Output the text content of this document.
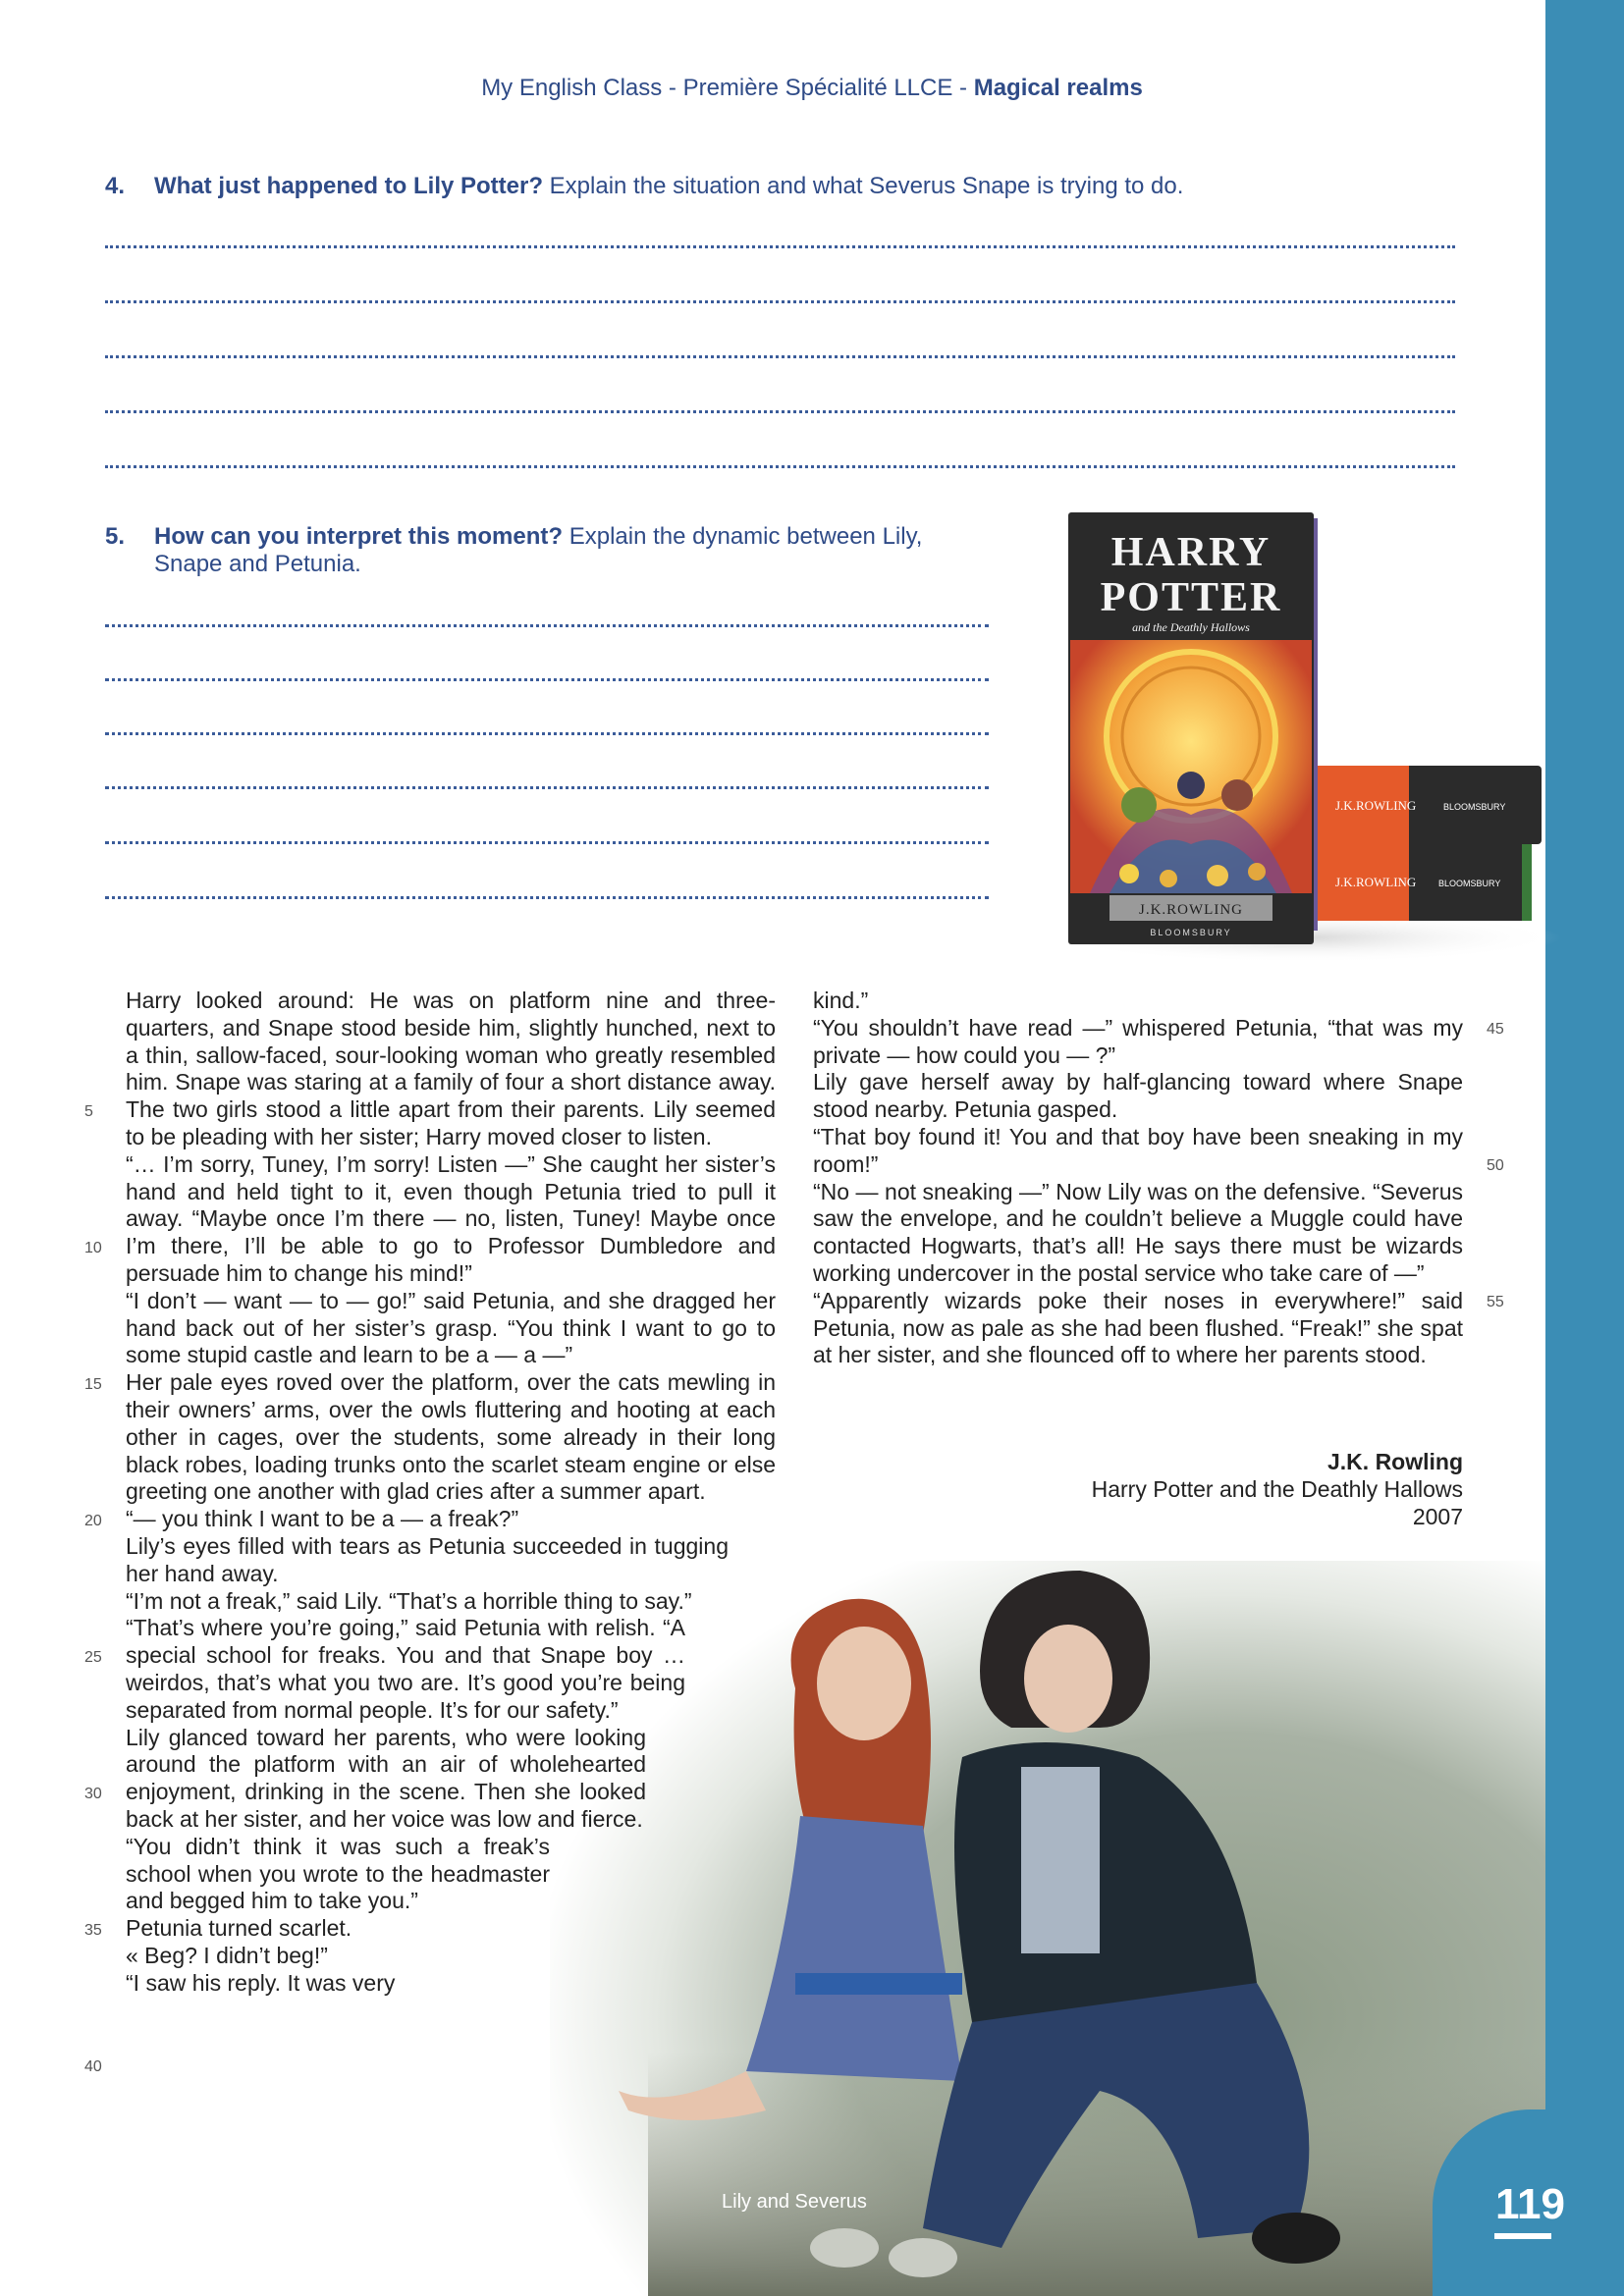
My English Class - Première Spécialité LLCE - Magical realms
4. What just happened to Lily Potter? Explain the situation and what Severus Snape is trying to do.
5. How can you interpret this moment? Explain the dynamic between Lily, Snape and Petunia.
J.K.ROWLING	BLOOMSBURY
J.K.ROWLING	BLOOMSBURY
HARRY
POTTER
and the Deathly Hallows
J.K.ROWLING
BLOOMSBURY

Harry looked around: He was on platform nine and three-quarters, and Snape stood beside him, slightly hunched, next to a thin, sallow-faced, sour-looking woman who greatly resembled him. Snape was staring at a family of four a short distance away. The two girls stood a little apart from their parents. Lily seemed to be pleading with her sister; Harry moved closer to listen.

“… I’m sorry, Tuney, I’m sorry! Listen —” She caught her sister’s hand and held tight to it, even though Petunia tried to pull it away. “Maybe once I’m there — no, listen, Tuney! Maybe once I’m there, I’ll be able to go to Professor Dumbledore and persuade him to change his mind!”

“I don’t — want — to — go!” said Petunia, and she dragged her hand back out of her sister’s grasp. “You think I want to go to some stupid castle and learn to be a — a —”

Her pale eyes roved over the platform, over the cats mewling in their owners’ arms, over the owls fluttering and hooting at each other in cages, over the students, some already in their long black robes, loading trunks onto the scarlet steam engine or else greeting one another with glad cries after a summer apart.

“— you think I want to be a — a freak?”

Lily’s eyes filled with tears as Petunia succeeded in tugging her hand away.

“I’m not a freak,” said Lily. “That’s a horrible thing to say.”

“That’s where you’re going,” said Petunia with relish. “A special school for freaks. You and that Snape boy … weirdos, that’s what you two are. It’s good you’re being separated from normal people. It’s for our safety.”

Lily glanced toward her parents, who were looking around the platform with an air of wholehearted enjoyment, drinking in the scene. Then she looked back at her sister, and her voice was low and fierce.

“You didn’t think it was such a freak’s school when you wrote to the headmaster and begged him to take you.”

Petunia turned scarlet.

« Beg? I didn’t beg!”

“I saw his reply. It was very

5
10
15
20
25
30
35
40

kind.”

“You shouldn’t have read —” whispered Petunia, “that was my private — how could you — ?”

Lily gave herself away by half-glancing toward where Snape stood nearby. Petunia gasped.

“That boy found it! You and that boy have been sneaking in my room!”

“No — not sneaking —” Now Lily was on the defensive. “Severus saw the envelope, and he couldn’t believe a Muggle could have contacted Hogwarts, that’s all! He says there must be wizards working undercover in the postal service who take care of —”

“Apparently wizards poke their noses in everywhere!” said Petunia, now as pale as she had been flushed. “Freak!” she spat at her sister, and she flounced off to where her parents stood.

45
50
55
J.K. Rowling
Harry Potter and the Deathly Hallows
2007
Lily and Severus	119
